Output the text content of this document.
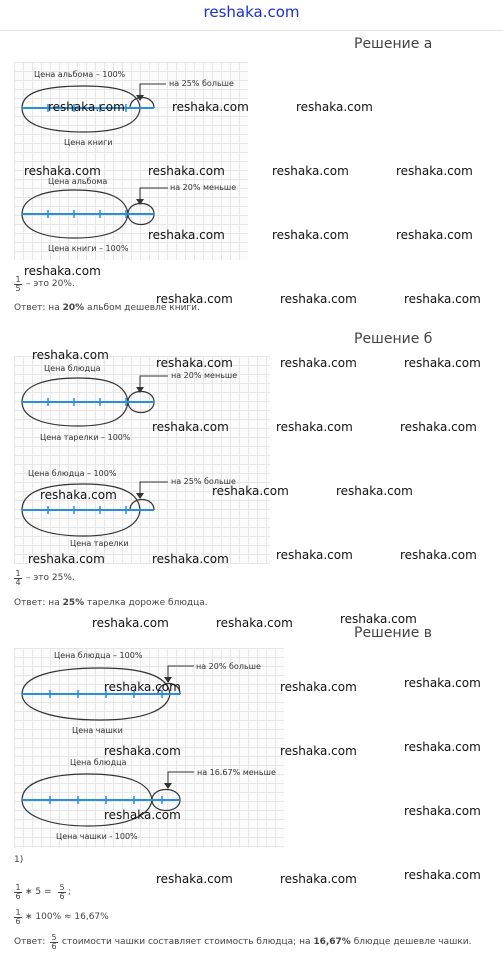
reshaka.com
Решение а
Цена альбома – 100%
на 25% больше
Цена книги
Цена альбома
на 20% меньше
Цена книги – 100%
$\frac{1}{5}$ – это 20%.
Ответ: на 20% альбом дешевле книги.
Решение б
Цена блюдца
на 20% меньше
Цена тарелки – 100%
Цена блюдца – 100%
на 25% больше
Цена тарелки
$\frac{1}{4}$ – это 25%.
Ответ: на 25% тарелка дороже блюдца.
Решение в
Цена блюдца – 100%
на 20% больше
Цена чашки
Цена блюдца
на 16.67% меньше
Цена чашки - 100%
1)
$\frac{1}{6}$ ∗ $5 = \frac{5}{6}$ ;
$\frac{1}{6}$ ∗ 100% ≈ 16,67%
Ответ: $\frac{5}{6}$ стоимости чашки составляет стоимость блюдца; на 16,67% блюдце дешевле чашки.
reshaka.com	reshaka.com	reshaka.com
reshaka.com	reshaka.com	reshaka.com	reshaka.com
reshaka.com	reshaka.com	reshaka.com
reshaka.com
reshaka.com	reshaka.com	reshaka.com
reshaka.com
reshaka.com	reshaka.com	reshaka.com
reshaka.com	reshaka.com	reshaka.com
reshaka.com	reshaka.com	reshaka.com
reshaka.com	reshaka.com	reshaka.com	reshaka.com
reshaka.com	reshaka.com	reshaka.com
reshaka.com	reshaka.com	reshaka.com
reshaka.com	reshaka.com	reshaka.com
reshaka.com	reshaka.com
reshaka.com	reshaka.com	reshaka.com
